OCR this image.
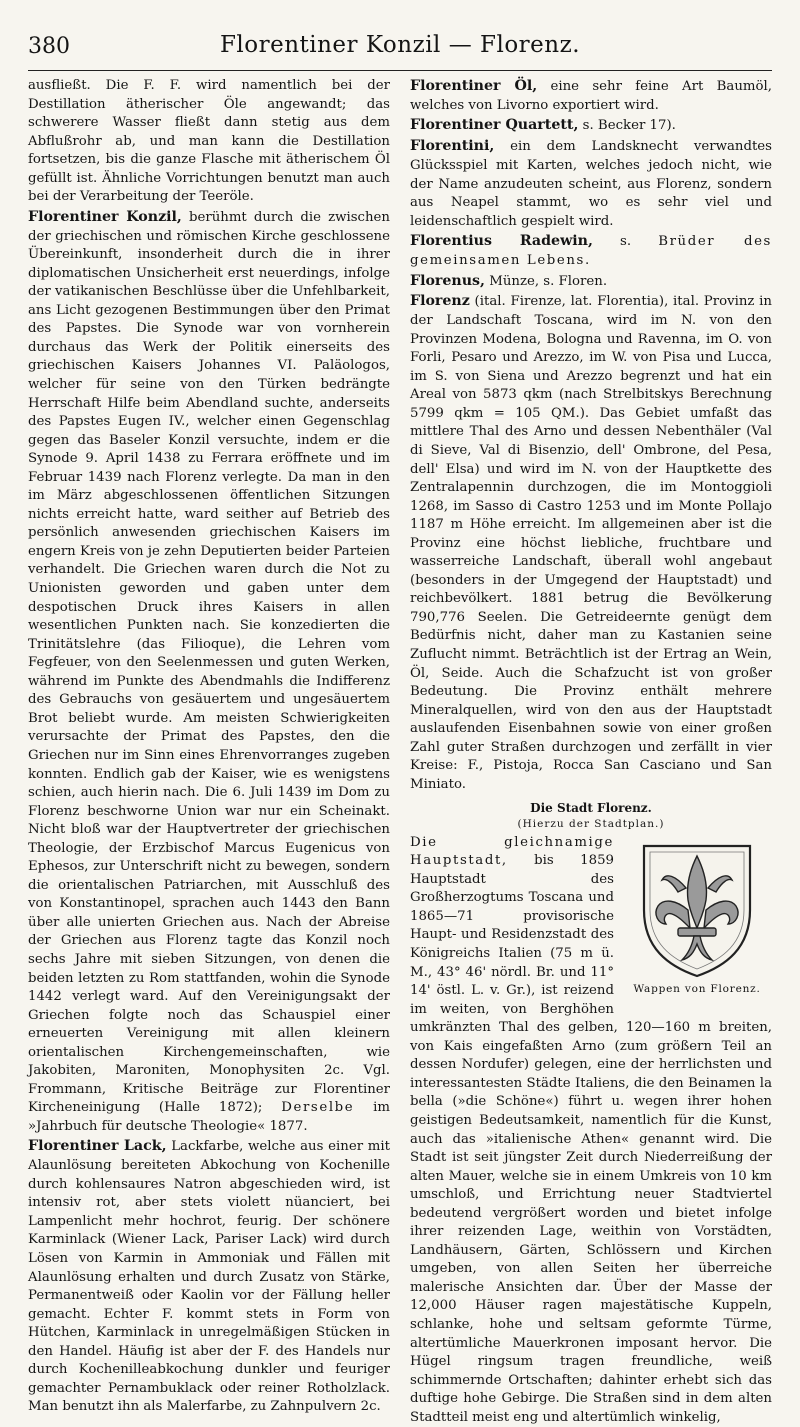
380	Florentiner Konzil — Florenz.

ausfließt. Die F. F. wird namentlich bei der Destillation ätherischer Öle angewandt; das schwerere Wasser fließt dann stetig aus dem Abflußrohr ab, und man kann die Destillation fortsetzen, bis die ganze Flasche mit ätherischem Öl gefüllt ist. Ähnliche Vorrichtungen benutzt man auch bei der Verarbeitung der Teeröle.

Florentiner Konzil, berühmt durch die zwischen der griechischen und römischen Kirche geschlossene Übereinkunft, insonderheit durch die in ihrer diplomatischen Unsicherheit erst neuerdings, infolge der vatikanischen Beschlüsse über die Unfehlbarkeit, ans Licht gezogenen Bestimmungen über den Primat des Papstes. Die Synode war von vornherein durchaus das Werk der Politik einerseits des griechischen Kaisers Johannes VI. Paläologos, welcher für seine von den Türken bedrängte Herrschaft Hilfe beim Abendland suchte, anderseits des Papstes Eugen IV., welcher einen Gegenschlag gegen das Baseler Konzil versuchte, indem er die Synode 9. April 1438 zu Ferrara eröffnete und im Februar 1439 nach Florenz verlegte. Da man in den im März abgeschlossenen öffentlichen Sitzungen nichts erreicht hatte, ward seither auf Betrieb des persönlich anwesenden griechischen Kaisers im engern Kreis von je zehn Deputierten beider Parteien verhandelt. Die Griechen waren durch die Not zu Unionisten geworden und gaben unter dem despotischen Druck ihres Kaisers in allen wesentlichen Punkten nach. Sie konzedierten die Trinitätslehre (das Filioque), die Lehren vom Fegfeuer, von den Seelenmessen und guten Werken, während im Punkte des Abendmahls die Indifferenz des Gebrauchs von gesäuertem und ungesäuertem Brot beliebt wurde. Am meisten Schwierigkeiten verursachte der Primat des Papstes, den die Griechen nur im Sinn eines Ehrenvorranges zugeben konnten. Endlich gab der Kaiser, wie es wenigstens schien, auch hierin nach. Die 6. Juli 1439 im Dom zu Florenz beschworne Union war nur ein Scheinakt. Nicht bloß war der Hauptvertreter der griechischen Theologie, der Erzbischof Marcus Eugenicus von Ephesos, zur Unterschrift nicht zu bewegen, sondern die orientalischen Patriarchen, mit Ausschluß des von Konstantinopel, sprachen auch 1443 den Bann über alle unierten Griechen aus. Nach der Abreise der Griechen aus Florenz tagte das Konzil noch sechs Jahre mit sieben Sitzungen, von denen die beiden letzten zu Rom stattfanden, wohin die Synode 1442 verlegt ward. Auf den Vereinigungsakt der Griechen folgte noch das Schauspiel einer erneuerten Vereinigung mit allen kleinern orientalischen Kirchengemeinschaften, wie Jakobiten, Maroniten, Monophysiten 2c. Vgl. Frommann, Kritische Beiträge zur Florentiner Kircheneinigung (Halle 1872); Derselbe im »Jahrbuch für deutsche Theologie« 1877.

Florentiner Lack, Lackfarbe, welche aus einer mit Alaunlösung bereiteten Abkochung von Kochenille durch kohlensaures Natron abgeschieden wird, ist intensiv rot, aber stets violett nüanciert, bei Lampenlicht mehr hochrot, feurig. Der schönere Karminlack (Wiener Lack, Pariser Lack) wird durch Lösen von Karmin in Ammoniak und Fällen mit Alaunlösung erhalten und durch Zusatz von Stärke, Permanentweiß oder Kaolin vor der Fällung heller gemacht. Echter F. kommt stets in Form von Hütchen, Karminlack in unregelmäßigen Stücken in den Handel. Häufig ist aber der F. des Handels nur durch Kochenilleabkochung dunkler und feuriger gemachter Pernambuklack oder reiner Rotholzlack. Man benutzt ihn als Malerfarbe, zu Zahnpulvern 2c.

Florentiner Öl, eine sehr feine Art Baumöl, welches von Livorno exportiert wird.

Florentiner Quartett, s. Becker 17).

Florentini, ein dem Landsknecht verwandtes Glücksspiel mit Karten, welches jedoch nicht, wie der Name anzudeuten scheint, aus Florenz, sondern aus Neapel stammt, wo es sehr viel und leidenschaftlich gespielt wird.

Florentius Radewin, s. Brüder des gemeinsamen Lebens.

Florenus, Münze, s. Floren.

Florenz (ital. Firenze, lat. Florentia), ital. Provinz in der Landschaft Toscana, wird im N. von den Provinzen Modena, Bologna und Ravenna, im O. von Forli, Pesaro und Arezzo, im W. von Pisa und Lucca, im S. von Siena und Arezzo begrenzt und hat ein Areal von 5873 qkm (nach Strelbitskys Berechnung 5799 qkm = 105 QM.). Das Gebiet umfaßt das mittlere Thal des Arno und dessen Nebenthäler (Val di Sieve, Val di Bisenzio, dell' Ombrone, del Pesa, dell' Elsa) und wird im N. von der Hauptkette des Zentralapennin durchzogen, die im Montoggioli 1268, im Sasso di Castro 1253 und im Monte Pollajo 1187 m Höhe erreicht. Im allgemeinen aber ist die Provinz eine höchst liebliche, fruchtbare und wasserreiche Landschaft, überall wohl angebaut (besonders in der Umgegend der Hauptstadt) und reichbevölkert. 1881 betrug die Bevölkerung 790,776 Seelen. Die Getreideernte genügt dem Bedürfnis nicht, daher man zu Kastanien seine Zuflucht nimmt. Beträchtlich ist der Ertrag an Wein, Öl, Seide. Auch die Schafzucht ist von großer Bedeutung. Die Provinz enthält mehrere Mineralquellen, wird von den aus der Hauptstadt auslaufenden Eisenbahnen sowie von einer großen Zahl guter Straßen durchzogen und zerfällt in vier Kreise: F., Pistoja, Rocca San Casciano und San Miniato.

Die Stadt Florenz.
(Hierzu der Stadtplan.)

Wappen von Florenz.
Die gleichnamige Hauptstadt, bis 1859 Hauptstadt des Großherzogtums Toscana und 1865—71 provisorische Haupt- und Residenzstadt des Königreichs Italien (75 m ü. M., 43° 46' nördl. Br. und 11° 14' östl. L. v. Gr.), ist reizend im weiten, von Berghöhen umkränzten Thal des gelben, 120—160 m breiten, von Kais eingefaßten Arno (zum größern Teil an dessen Nordufer) gelegen, eine der herrlichsten und interessantesten Städte Italiens, die den Beinamen la bella (»die Schöne«) führt u. wegen ihrer hohen geistigen Bedeutsamkeit, namentlich für die Kunst, auch das »italienische Athen« genannt wird. Die Stadt ist seit jüngster Zeit durch Niederreißung der alten Mauer, welche sie in einem Umkreis von 10 km umschloß, und Errichtung neuer Stadtviertel bedeutend vergrößert worden und bietet infolge ihrer reizenden Lage, weithin von Vorstädten, Landhäusern, Gärten, Schlössern und Kirchen umgeben, von allen Seiten her überreiche malerische Ansichten dar. Über der Masse der 12,000 Häuser ragen majestätische Kuppeln, schlanke, hohe und seltsam geformte Türme, altertümliche Mauerkronen imposant hervor. Die Hügel ringsum tragen freundliche, weiß schimmernde Ortschaften; dahinter erhebt sich das duftige hohe Gebirge. Die Straßen sind in dem alten Stadtteil meist eng und altertümlich winkelig,
